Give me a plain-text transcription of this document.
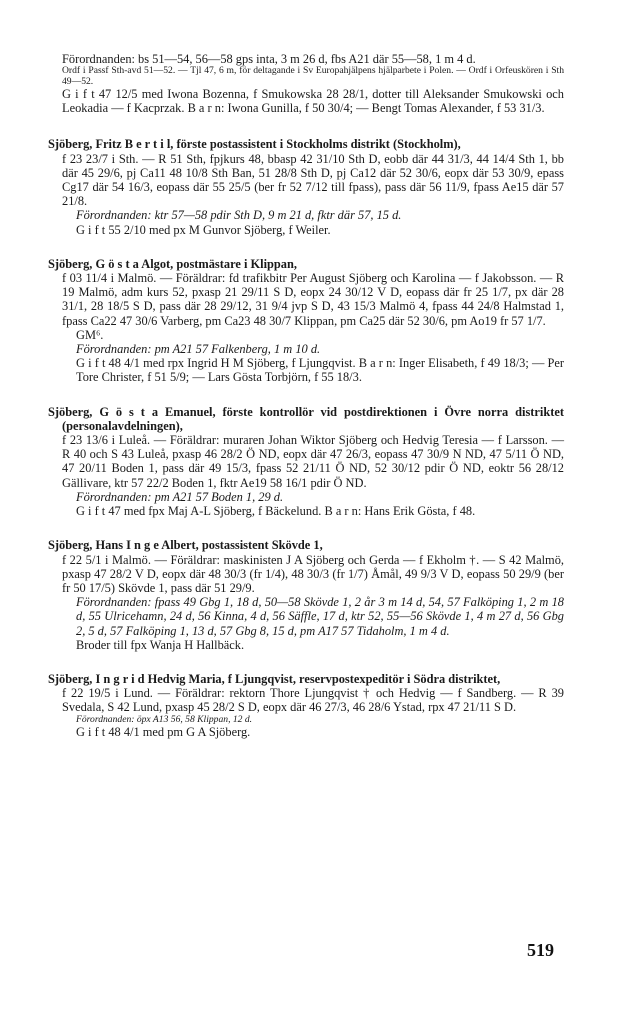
Förordnanden: bs 51—54, 56—58 gps inta, 3 m 26 d, fbs A21 där 55—58, 1 m 4 d.

Ordf i Passf Sth-avd 51—52. — Tjl 47, 6 m, för deltagande i Sv Europahjälpens hjälparbete i Polen. — Ordf i Orfeuskören i Sth 49—52.

G i f t 47 12/5 med Iwona Bozenna, f Smukowska 28 28/1, dotter till Aleksander Smukowski och Leokadia — f Kacprzak. B a r n: Iwona Gunilla, f 50 30/4; — Bengt Tomas Alexander, f 53 31/3.

Sjöberg, Fritz B e r t i l, förste postassistent i Stockholms distrikt (Stockholm),

f 23 23/7 i Sth. — R 51 Sth, fpjkurs 48, bbasp 42 31/10 Sth D, eobb där 44 31/3, 44 14/4 Sth 1, bb där 45 29/6, pj Ca11 48 10/8 Sth Ban, 51 28/8 Sth D, pj Ca12 där 52 30/6, eopx där 53 30/9, epass Cg17 där 54 16/3, eopass där 55 25/5 (ber fr 52 7/12 till fpass), pass där 56 11/9, fpass Ae15 där 57 21/8.

Förordnanden: ktr 57—58 pdir Sth D, 9 m 21 d, fktr där 57, 15 d.

G i f t 55 2/10 med px M Gunvor Sjöberg, f Weiler.

Sjöberg, G ö s t a Algot, postmästare i Klippan,

f 03 11/4 i Malmö. — Föräldrar: fd trafikbitr Per August Sjöberg och Karolina — f Jakobsson. — R 19 Malmö, adm kurs 52, pxasp 21 29/11 S D, eopx 24 30/12 V D, eopass där fr 25 1/7, px där 28 31/1, 28 18/5 S D, pass där 28 29/12, 31 9/4 jvp S D, 43 15/3 Malmö 4, fpass 44 24/8 Halmstad 1, fpass Ca22 47 30/6 Varberg, pm Ca23 48 30/7 Klippan, pm Ca25 där 52 30/6, pm Ao19 fr 57 1/7.

GM⁶.

Förordnanden: pm A21 57 Falkenberg, 1 m 10 d.

G i f t 48 4/1 med rpx Ingrid H M Sjöberg, f Ljungqvist. B a r n: Inger Elisabeth, f 49 18/3; — Per Tore Christer, f 51 5/9; — Lars Gösta Torbjörn, f 55 18/3.

Sjöberg, G ö s t a Emanuel, förste kontrollör vid postdirektionen i Övre norra distriktet (personalavdelningen),

f 23 13/6 i Luleå. — Föräldrar: muraren Johan Wiktor Sjöberg och Hedvig Teresia — f Larsson. — R 40 och S 43 Luleå, pxasp 46 28/2 Ö ND, eopx där 47 26/3, eopass 47 30/9 N ND, 47 5/11 Ö ND, 47 20/11 Boden 1, pass där 49 15/3, fpass 52 21/11 Ö ND, 52 30/12 pdir Ö ND, eoktr 56 28/12 Gällivare, ktr 57 22/2 Boden 1, fktr Ae19 58 16/1 pdir Ö ND.

Förordnanden: pm A21 57 Boden 1, 29 d.

G i f t 47 med fpx Maj A-L Sjöberg, f Bäckelund. B a r n: Hans Erik Gösta, f 48.

Sjöberg, Hans I n g e Albert, postassistent Skövde 1,

f 22 5/1 i Malmö. — Föräldrar: maskinisten J A Sjöberg och Gerda — f Ekholm †. — S 42 Malmö, pxasp 47 28/2 V D, eopx där 48 30/3 (fr 1/4), 48 30/3 (fr 1/7) Åmål, 49 9/3 V D, eopass 50 29/9 (ber fr 50 17/5) Skövde 1, pass där 51 29/9.

Förordnanden: fpass 49 Gbg 1, 18 d, 50—58 Skövde 1, 2 år 3 m 14 d, 54, 57 Falköping 1, 2 m 18 d, 55 Ulricehamn, 24 d, 56 Kinna, 4 d, 56 Säffle, 17 d, ktr 52, 55—56 Skövde 1, 4 m 27 d, 56 Gbg 2, 5 d, 57 Falköping 1, 13 d, 57 Gbg 8, 15 d, pm A17 57 Tidaholm, 1 m 4 d.

Broder till fpx Wanja H Hallbäck.

Sjöberg, I n g r i d Hedvig Maria, f Ljungqvist, reservpostexpeditör i Södra distriktet,

f 22 19/5 i Lund. — Föräldrar: rektorn Thore Ljungqvist † och Hedvig — f Sandberg. — R 39 Svedala, S 42 Lund, pxasp 45 28/2 S D, eopx där 46 27/3, 46 28/6 Ystad, rpx 47 21/11 S D.

Förordnanden: öpx A13 56, 58 Klippan, 12 d.

G i f t 48 4/1 med pm G A Sjöberg.

519
